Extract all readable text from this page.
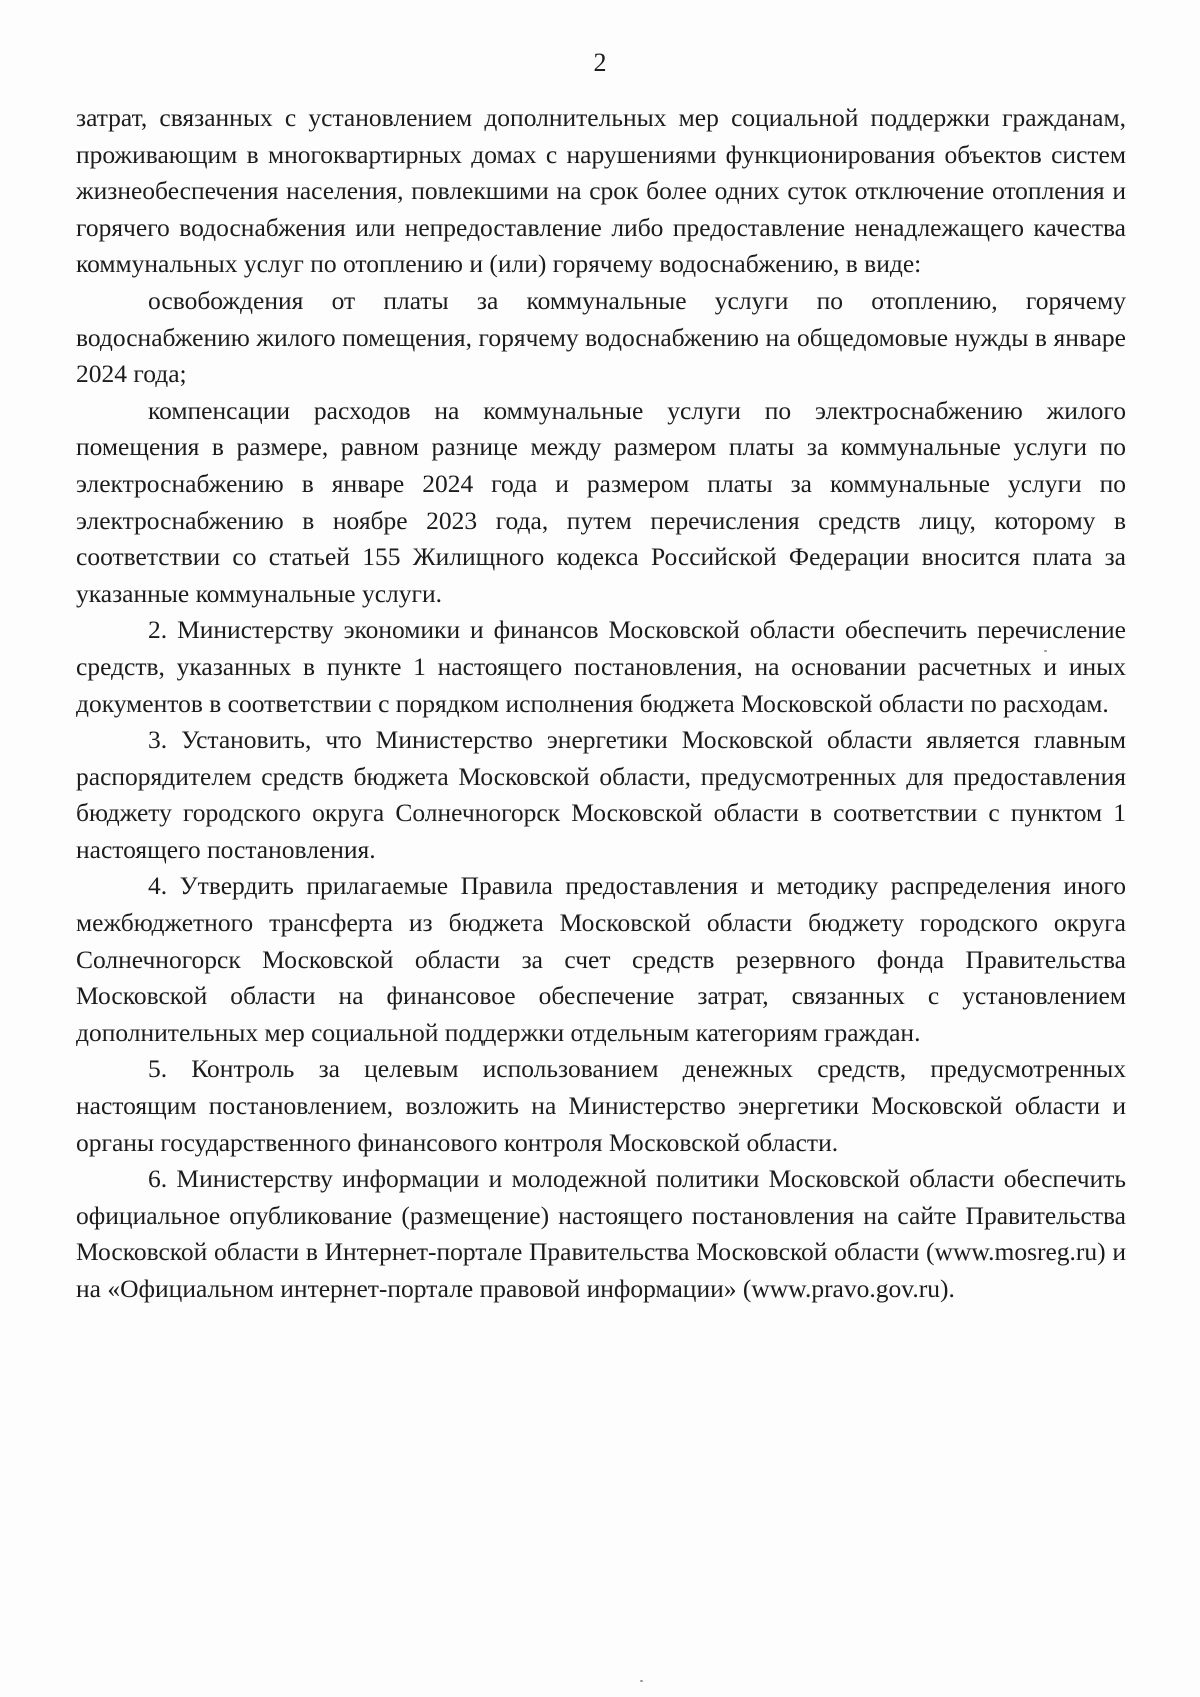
2

затрат, связанных с установлением дополнительных мер социальной поддержки гражданам, проживающим в многоквартирных домах с нарушениями функционирования объектов систем жизнеобеспечения населения, повлекшими на срок более одних суток отключение отопления и горячего водоснабжения или непредоставление либо предоставление ненадлежащего качества коммунальных услуг по отоплению и (или) горячему водоснабжению, в виде:

освобождения от платы за коммунальные услуги по отоплению, горячему водоснабжению жилого помещения, горячему водоснабжению на общедомовые нужды в январе 2024 года;

компенсации расходов на коммунальные услуги по электроснабжению жилого помещения в размере, равном разнице между размером платы за коммунальные услуги по электроснабжению в январе 2024 года и размером платы за коммунальные услуги по электроснабжению в ноябре 2023 года, путем перечисления средств лицу, которому в соответствии со статьей 155 Жилищного кодекса Российской Федерации вносится плата за указанные коммунальные услуги.

2. Министерству экономики и финансов Московской области обеспечить перечисление средств, указанных в пункте 1 настоящего постановления, на основании расчетных и иных документов в соответствии с порядком исполнения бюджета Московской области по расходам.

3. Установить, что Министерство энергетики Московской области является главным распорядителем средств бюджета Московской области, предусмотренных для предоставления бюджету городского округа Солнечногорск Московской области в соответствии с пунктом 1 настоящего постановления.

4. Утвердить прилагаемые Правила предоставления и методику распределения иного межбюджетного трансферта из бюджета Московской области бюджету городского округа Солнечногорск Московской области за счет средств резервного фонда Правительства Московской области на финансовое обеспечение затрат, связанных с установлением дополнительных мер социальной поддержки отдельным категориям граждан.

5. Контроль за целевым использованием денежных средств, предусмотренных настоящим постановлением, возложить на Министерство энергетики Московской области и органы государственного финансового контроля Московской области.

6. Министерству информации и молодежной политики Московской области обеспечить официальное опубликование (размещение) настоящего постановления на сайте Правительства Московской области в Интернет-портале Правительства Московской области (www.mosreg.ru) и на «Официальном интернет-портале правовой информации» (www.pravo.gov.ru).
